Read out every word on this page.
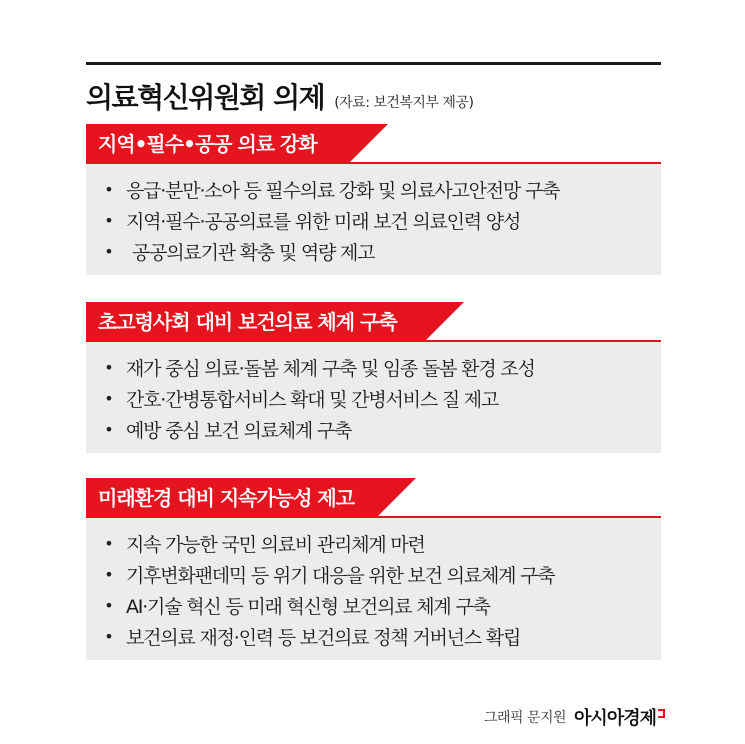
의료혁신위원회 의제 (자료: 보건복지부 제공)
지역•필수•공공 의료 강화
• 응급·분만·소아 등 필수의료 강화 및 의료사고안전망 구축
• 지역·필수·공공의료를 위한 미래 보건 의료인력 양성
• 공공의료기관 확충 및 역량 제고
초고령사회 대비 보건의료 체계 구축
• 재가 중심 의료·돌봄 체계 구축 및 임종 돌봄 환경 조성
• 간호·간병통합서비스 확대 및 간병서비스 질 제고
• 예방 중심 보건 의료체계 구축
미래환경 대비 지속가능성 제고
• 지속 가능한 국민 의료비 관리체계 마련
• 기후변화팬데믹 등 위기 대응을 위한 보건 의료체계 구축
• AI·기술 혁신 등 미래 혁신형 보건의료 체계 구축
• 보건의료 재정·인력 등 보건의료 정책 거버넌스 확립
그래픽 문지원 아시아경제
